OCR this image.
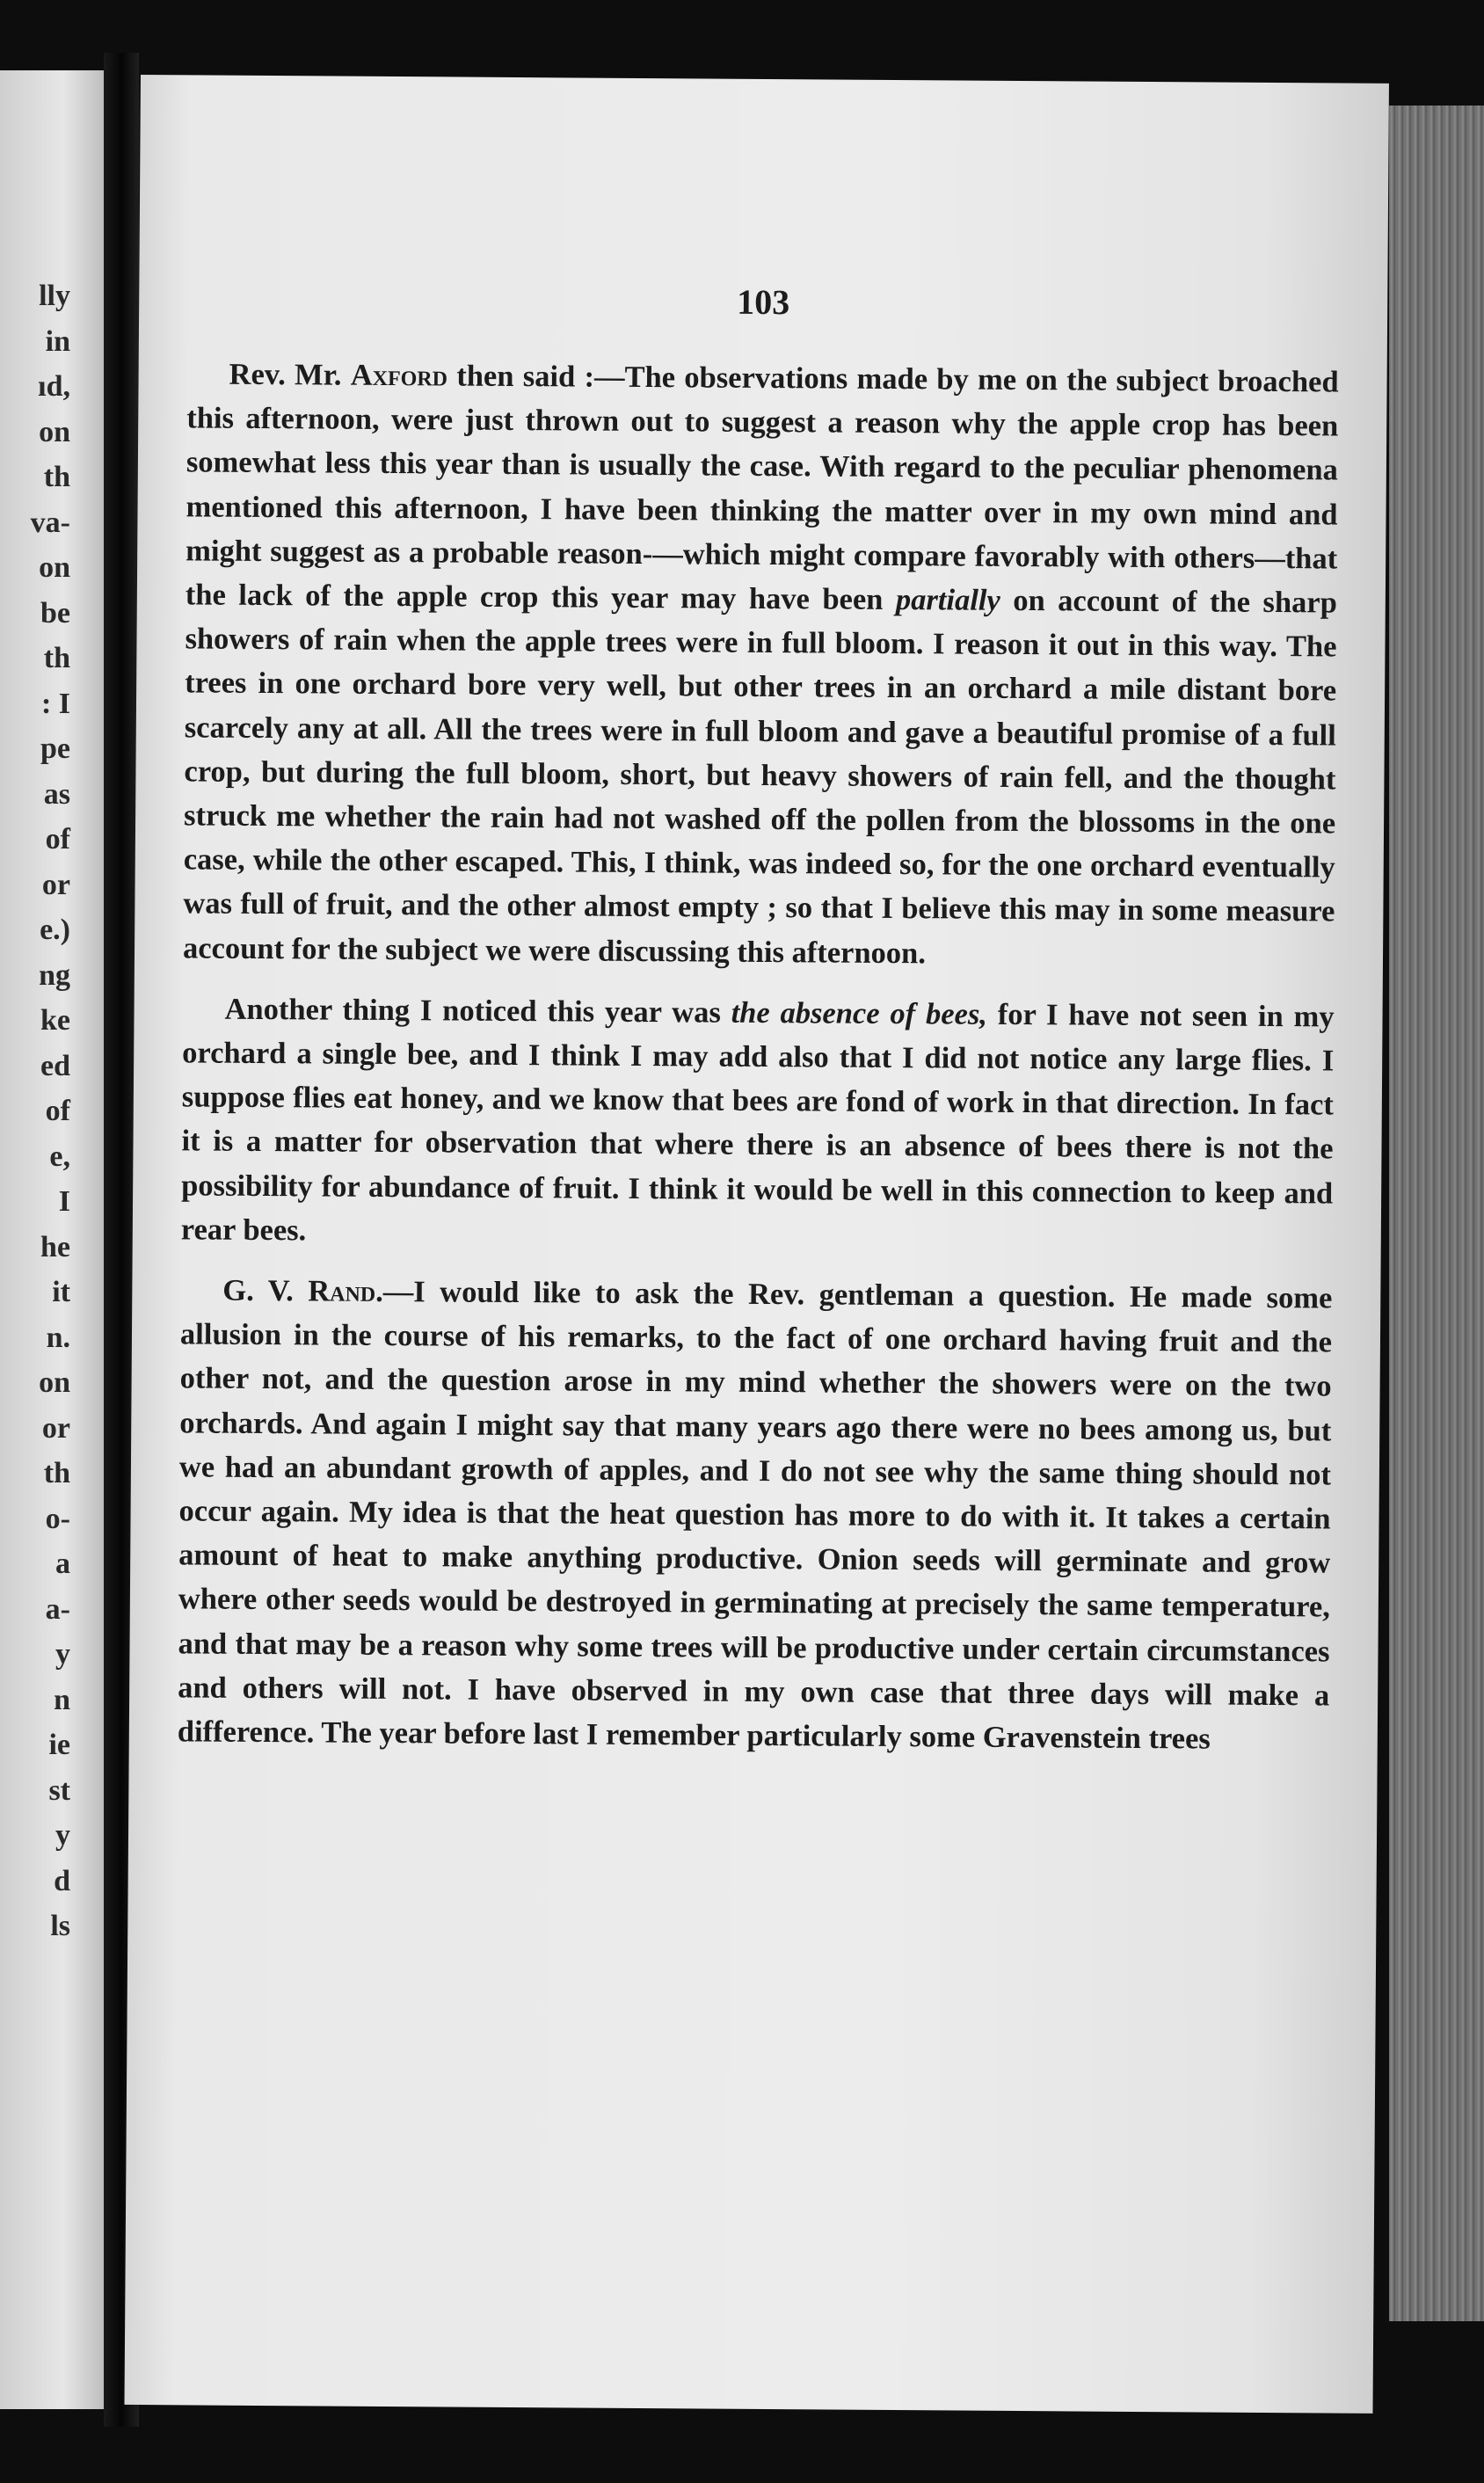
lly
in
ıd,
on
th
va-
on
be
th
: I
pe
as
of
or
e.)
ng
ke
ed
of
e,
I
he
it
n.
on
or
th
o-
a
a-
y
n
ie
st
y
d
ls
103

Rev. Mr. Axford then said :—The observations made by me on the subject broached this afternoon, were just thrown out to suggest a reason why the apple crop has been somewhat less this year than is usually the case. With regard to the peculiar phenomena mentioned this afternoon, I have been thinking the matter over in my own mind and might suggest as a probable reason-—which might compare favorably with others—that the lack of the apple crop this year may have been partially on account of the sharp showers of rain when the apple trees were in full bloom. I reason it out in this way. The trees in one orchard bore very well, but other trees in an orchard a mile distant bore scarcely any at all. All the trees were in full bloom and gave a beautiful promise of a full crop, but during the full bloom, short, but heavy showers of rain fell, and the thought struck me whether the rain had not washed off the pollen from the blossoms in the one case, while the other escaped. This, I think, was indeed so, for the one orchard eventually was full of fruit, and the other almost empty ; so that I believe this may in some measure account for the subject we were discussing this afternoon.

Another thing I noticed this year was the absence of bees, for I have not seen in my orchard a single bee, and I think I may add also that I did not notice any large flies. I suppose flies eat honey, and we know that bees are fond of work in that direction. In fact it is a matter for observation that where there is an absence of bees there is not the possibility for abundance of fruit. I think it would be well in this connection to keep and rear bees.

G. V. Rand.—I would like to ask the Rev. gentleman a question. He made some allusion in the course of his remarks, to the fact of one orchard having fruit and the other not, and the question arose in my mind whether the showers were on the two orchards. And again I might say that many years ago there were no bees among us, but we had an abundant growth of apples, and I do not see why the same thing should not occur again. My idea is that the heat question has more to do with it. It takes a certain amount of heat to make anything productive. Onion seeds will germinate and grow where other seeds would be destroyed in germinating at precisely the same temperature, and that may be a reason why some trees will be productive under certain circumstances and others will not. I have observed in my own case that three days will make a difference. The year before last I remember particularly some Gravenstein trees
